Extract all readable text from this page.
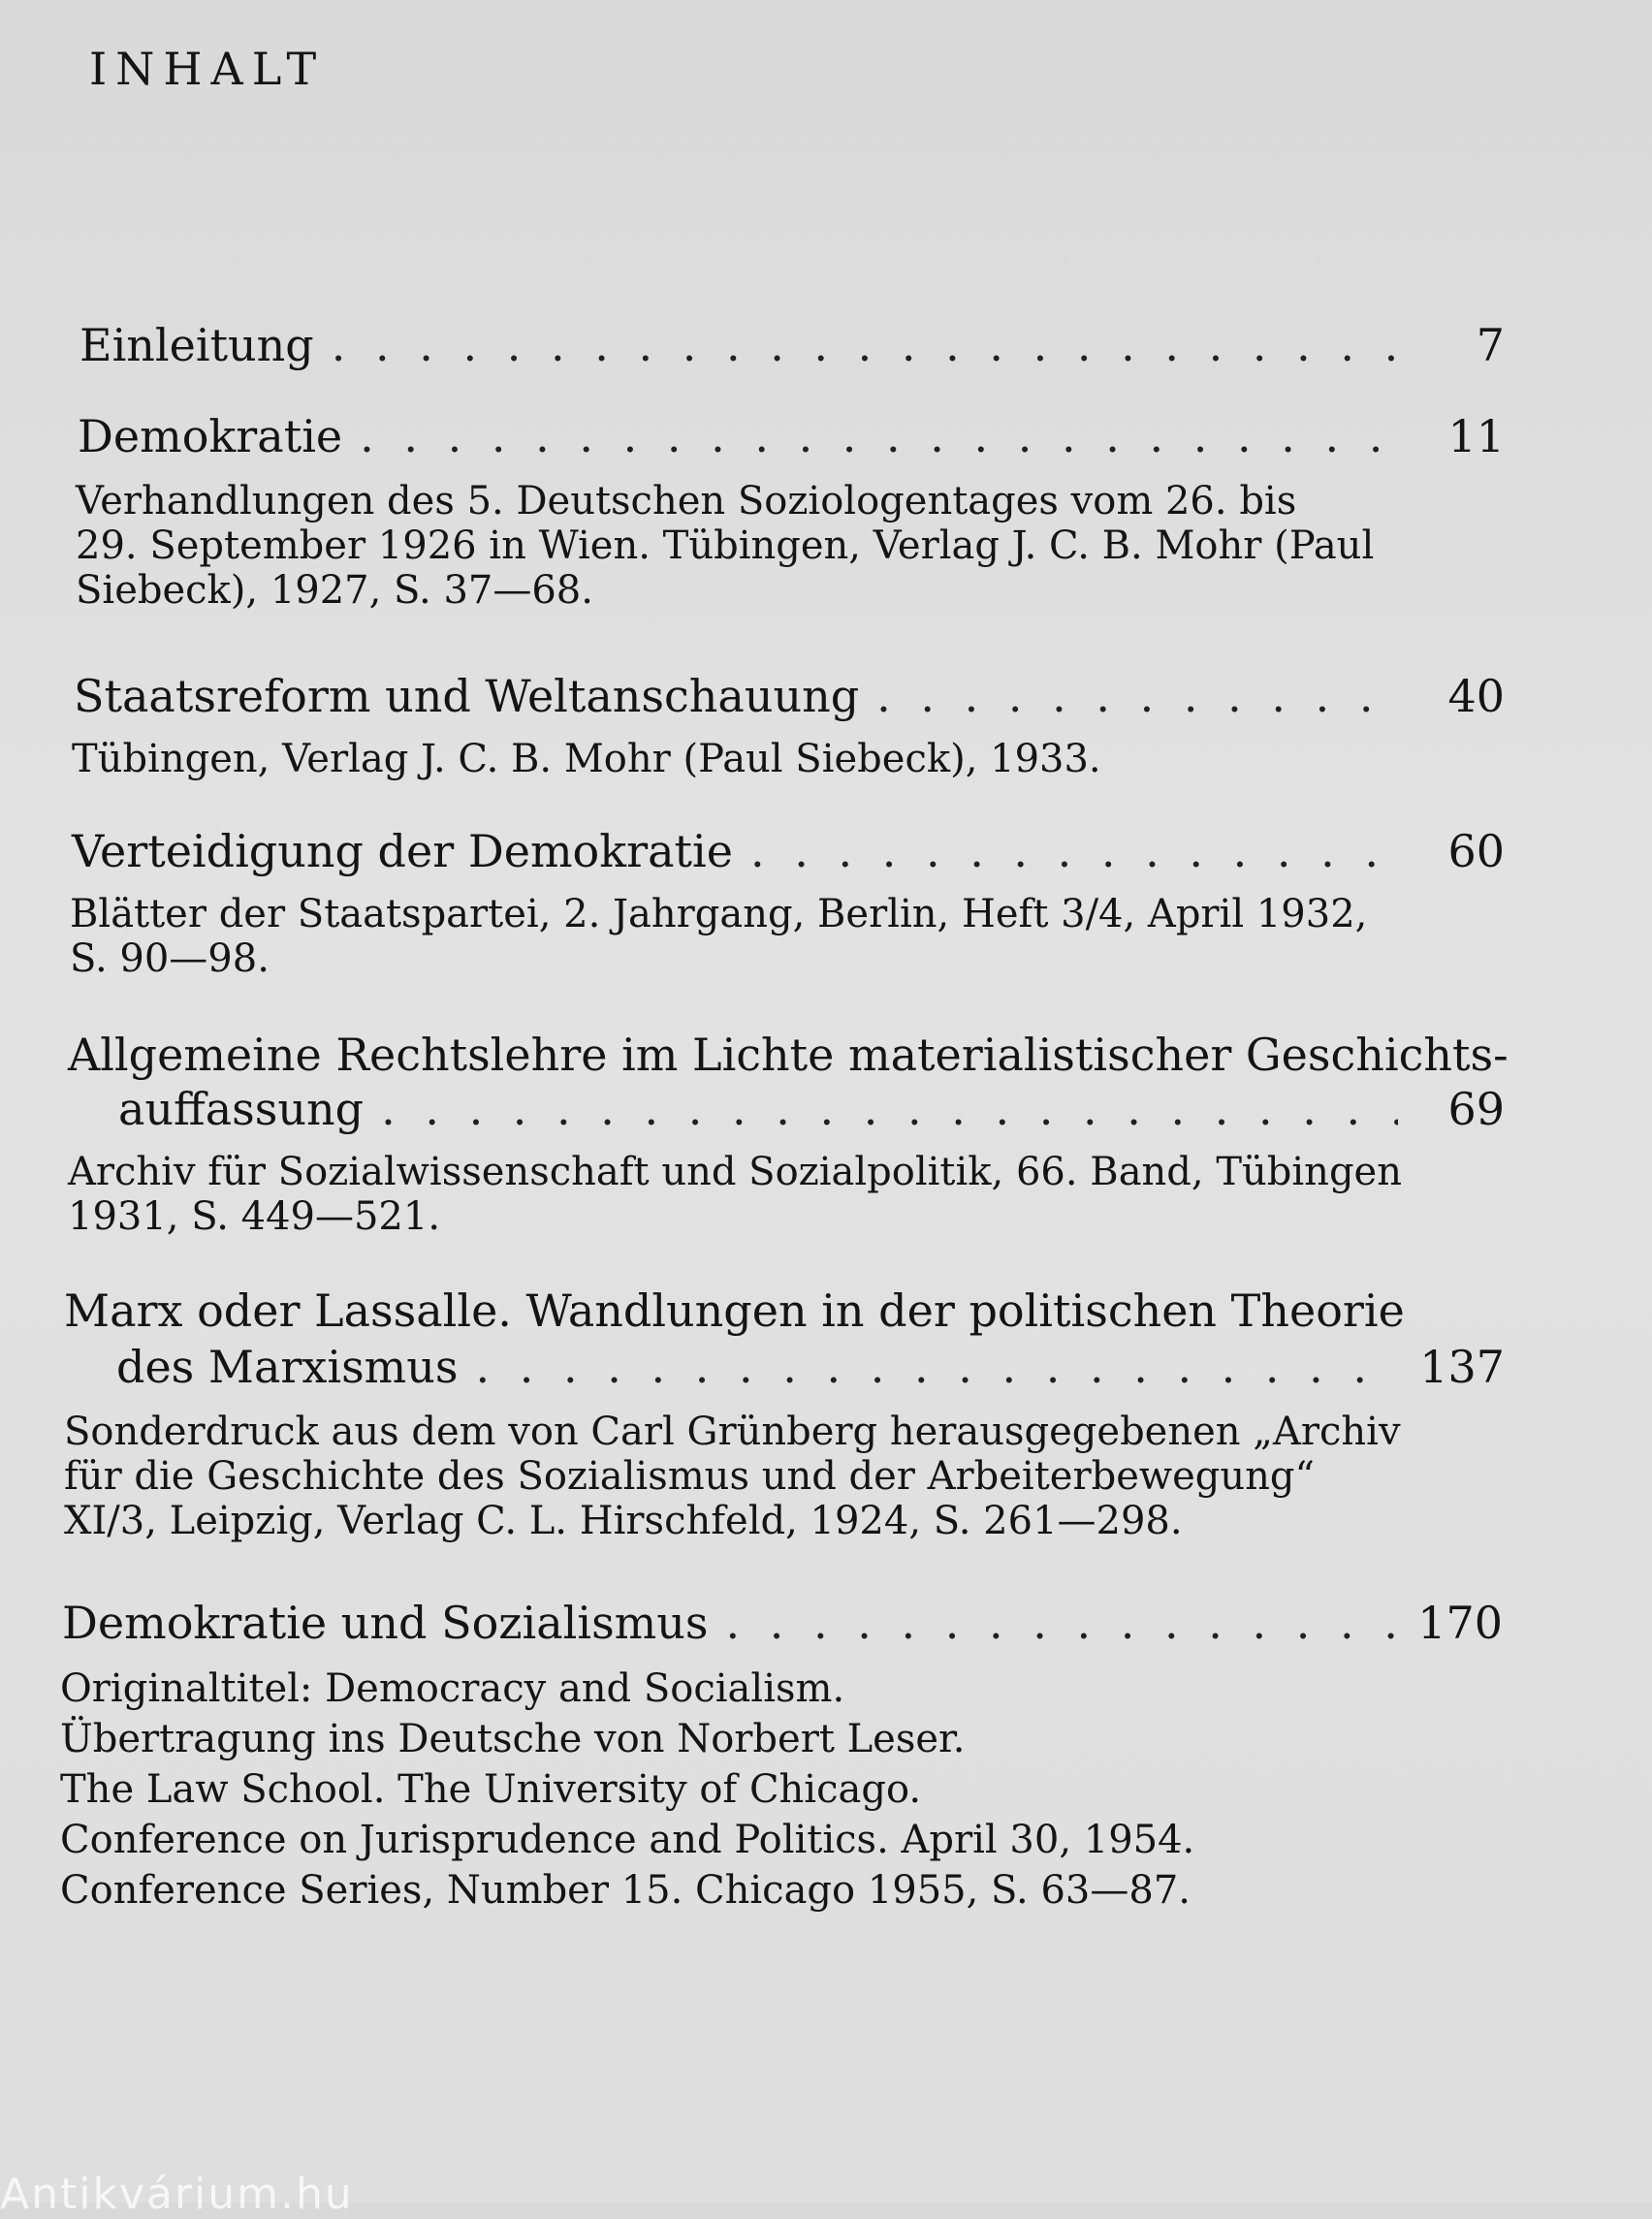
INHALT
Einleitung . . .	7
Demokratie . . .	11
Verhandlungen des 5. Deutschen Soziologentages vom 26. bis
29. September 1926 in Wien. Tübingen, Verlag J. C. B. Mohr (Paul
Siebeck), 1927, S. 37—68.
Staatsreform und Weltanschauung . . .	40
Tübingen, Verlag J. C. B. Mohr (Paul Siebeck), 1933.
Verteidigung der Demokratie . . .	60
Blätter der Staatspartei, 2. Jahrgang, Berlin, Heft 3/4, April 1932,
S. 90—98.
Allgemeine Rechtslehre im Lichte materialistischer Geschichts-
auffassung . . .	69
Archiv für Sozialwissenschaft und Sozialpolitik, 66. Band, Tübingen
1931, S. 449—521.
Marx oder Lassalle. Wandlungen in der politischen Theorie
des Marxismus . . .	137
Sonderdruck aus dem von Carl Grünberg herausgegebenen „Archiv
für die Geschichte des Sozialismus und der Arbeiterbewegung“
XI/3, Leipzig, Verlag C. L. Hirschfeld, 1924, S. 261—298.
Demokratie und Sozialismus . . .	170
Originaltitel: Democracy and Socialism.
Übertragung ins Deutsche von Norbert Leser.
The Law School. The University of Chicago.
Conference on Jurisprudence and Politics. April 30, 1954.
Conference Series, Number 15. Chicago 1955, S. 63—87.
Antikvárium.hu
